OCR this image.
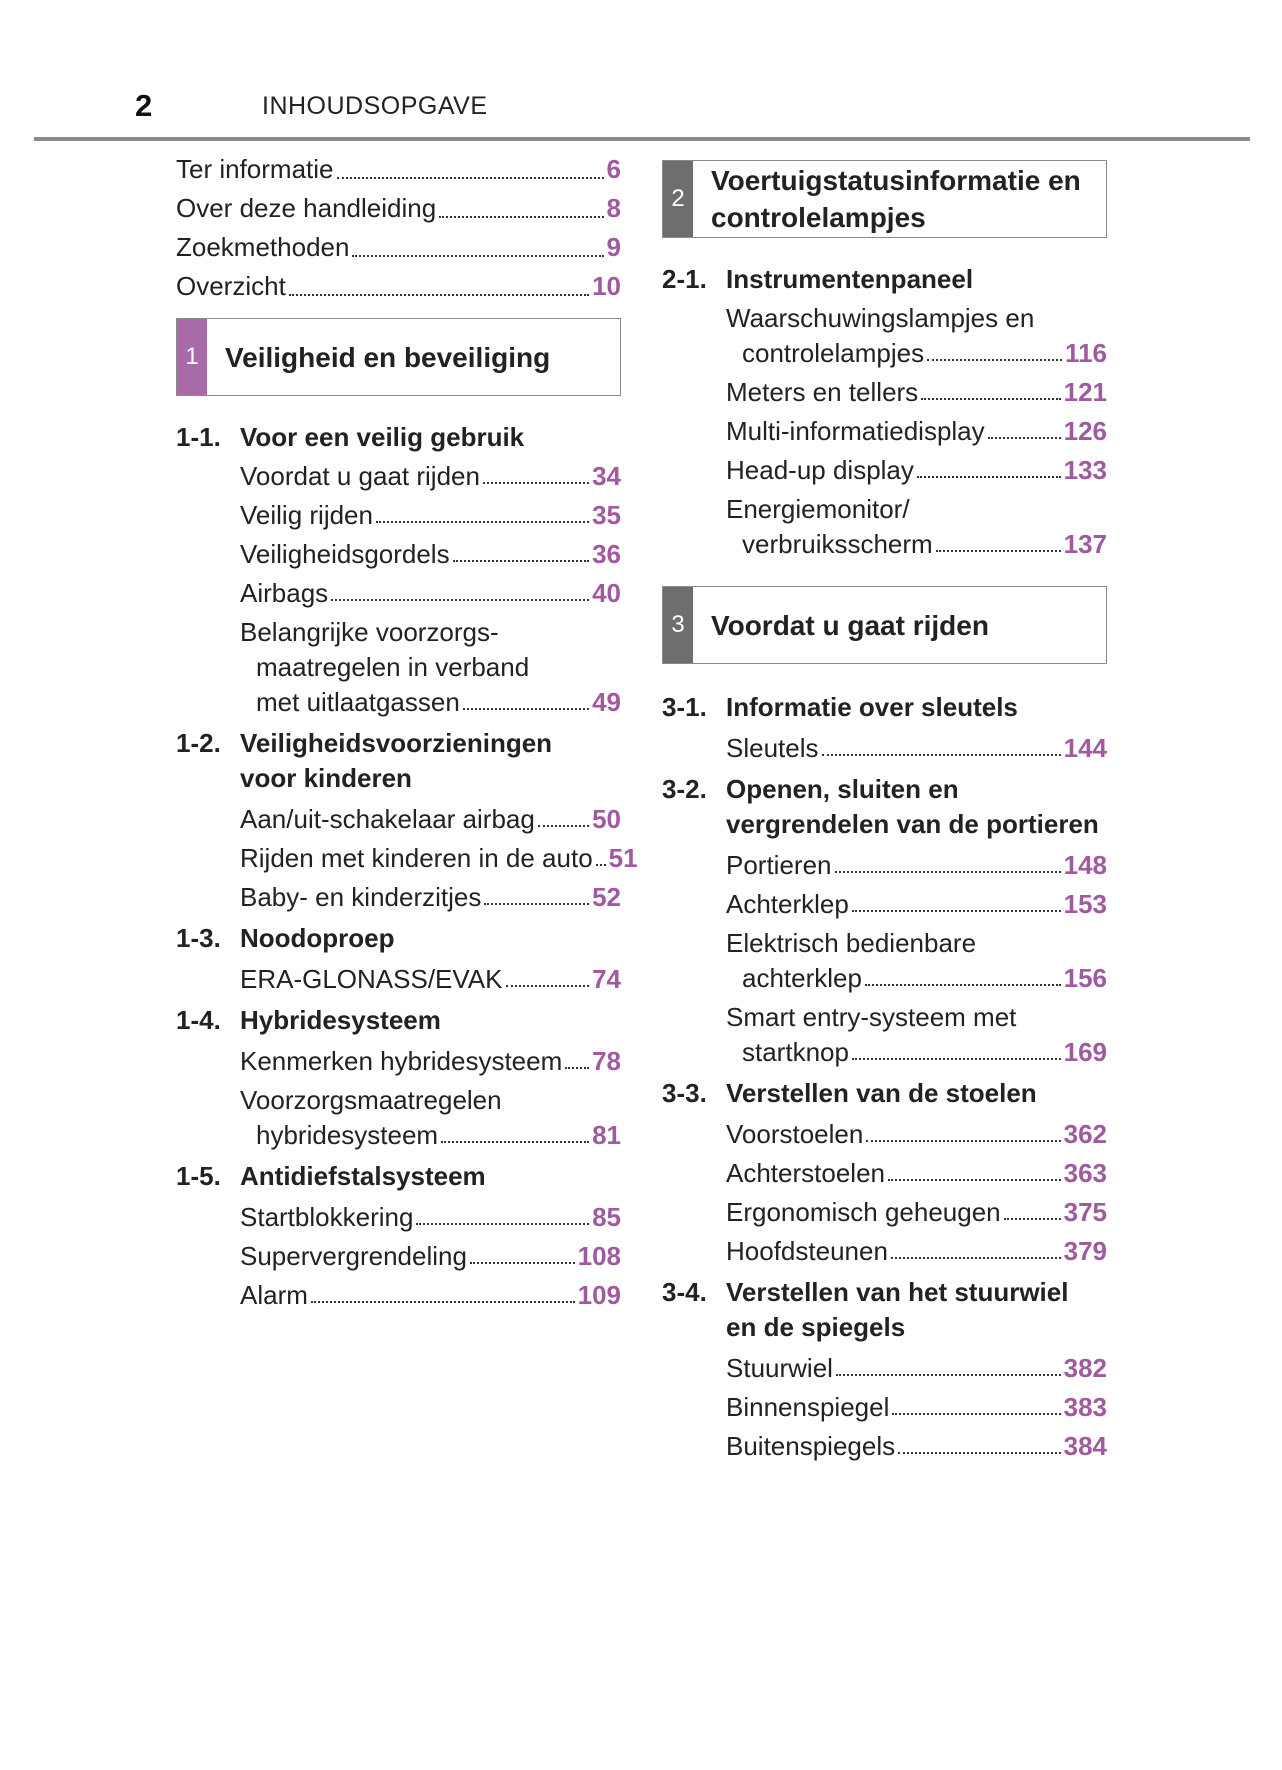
2	INHOUDSOPGAVE
Ter informatie	6
Over deze handleiding	8
Zoekmethoden	9
Overzicht	10
1 Veiligheid en beveiliging
1-1. Voor een veilig gebruik
Voordat u gaat rijden	34
Veilig rijden	35
Veiligheidsgordels	36
Airbags	40
Belangrijke voorzorgs-
maatregelen in verband
met uitlaatgassen	49
1-2. Veiligheidsvoorzieningen
voor kinderen
Aan/uit-schakelaar airbag 50
Rijden met kinderen in de auto 51
Baby- en kinderzitjes	52
1-3. Noodoproep
ERA-GLONASS/EVAK	74
1-4. Hybridesysteem
Kenmerken hybridesysteem 78
Voorzorgsmaatregelen
hybridesysteem	81
1-5. Antidiefstalsysteem
Startblokkering	85
Supervergrendeling	108
Alarm	109
2
Voertuigstatusinformatie en
controlelampjes
2-1. Instrumentenpaneel
Waarschuwingslampjes en
controlelampjes	116
Meters en tellers	121
Multi-informatiedisplay	126
Head-up display	133
Energiemonitor/
verbruiksscherm	137
3 Voordat u gaat rijden
3-1. Informatie over sleutels
Sleutels	144
3-2. Openen, sluiten en
vergrendelen van de portieren
Portieren	148
Achterklep	153
Elektrisch bedienbare
achterklep	156
Smart entry-systeem met
startknop	169
3-3. Verstellen van de stoelen
Voorstoelen	362
Achterstoelen	363
Ergonomisch geheugen 375
Hoofdsteunen	379
3-4. Verstellen van het stuurwiel
en de spiegels
Stuurwiel	382
Binnenspiegel	383
Buitenspiegels	384
